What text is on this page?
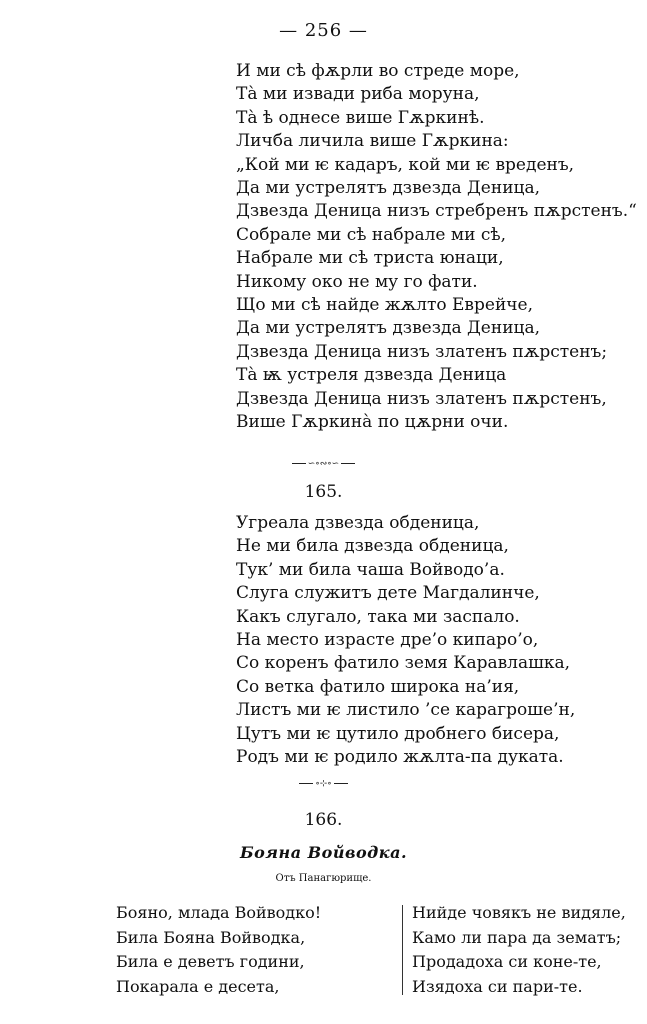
— 256 —
И ми сѣ фѫрли во стреде море,
Та̀ ми извади риба моруна,
Та̀ ѣ однесе више Гѫркинѣ.
Личба личила више Гѫркина:
„Кой ми ѥ кадаръ, кой ми ѥ вреденъ,
Да ми устрелятъ дзвезда Деница,
Дзвезда Деница низъ стребренъ пѫрстенъ.“
Собрале ми сѣ набрале ми сѣ,
Набрале ми сѣ триста юнаци,
Никому око не му го фати.
Що ми сѣ найде жѫлто Еврейче,
Да ми устрелятъ дзвезда Деница,
Дзвезда Деница низъ златенъ пѫрстенъ;
Та̀ ѭ устреля дзвезда Деница
Дзвезда Деница низъ златенъ пѫрстенъ,
Више Гѫркина̀ по цѫрни очи.
∽∘∾∘∽
165.
Угреала дзвезда обденица,
Не ми била дзвезда обденица,
Тук’ ми била чаша Войводо’а.
Слуга служитъ дете Магдалинче,
Какъ слугало, така ми заспало.
На место израсте дре’о кипаро’о,
Со коренъ фатило земя Каравлашка,
Со ветка фатило широка на’ия,
Листъ ми ѥ листило ’се карагроше’н,
Цутъ ми ѥ цутило дробнего бисера,
Родъ ми ѥ родило жѫлта-па дуката.
∘⊹∘
166.
Бояна Войводка.
Отъ Панагюрище.
Бояно, млада Войводко!
Била Бояна Войводка,
Била е деветъ години,
Покарала е десета,
Нийде човякъ не видяле,
Камо ли пара да зематъ;
Продадоха си коне-те,
Изядоха си пари-те.
